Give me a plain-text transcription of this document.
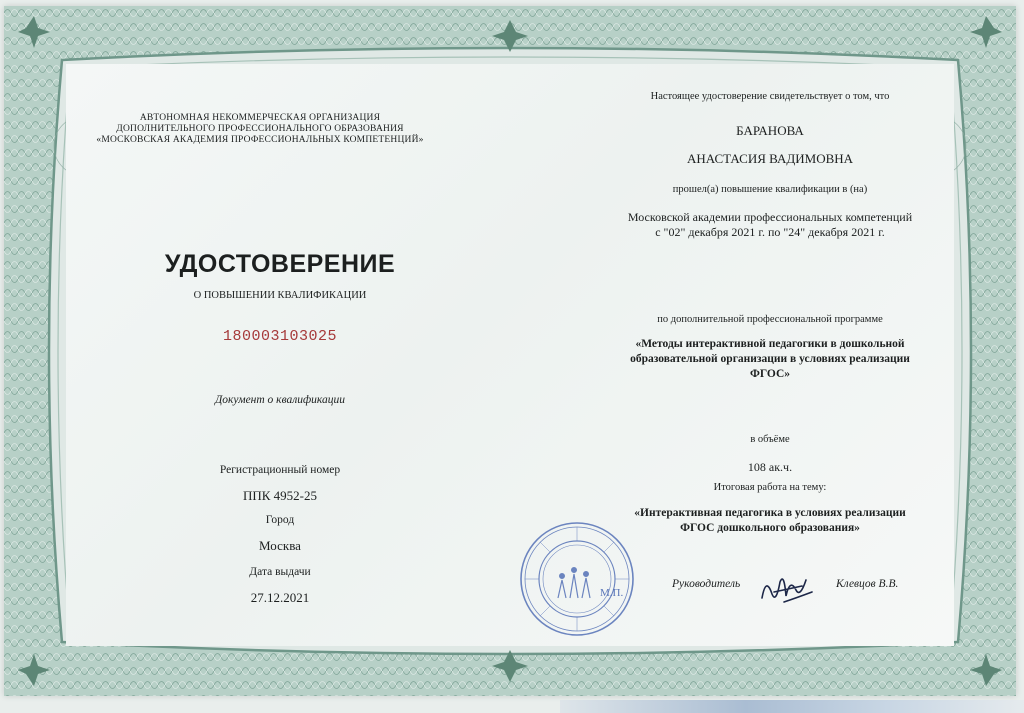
АВТОНОМНАЯ НЕКОММЕРЧЕСКАЯ ОРГАНИЗАЦИЯ
ДОПОЛНИТЕЛЬНОГО ПРОФЕССИОНАЛЬНОГО ОБРАЗОВАНИЯ
«МОСКОВСКАЯ АКАДЕМИЯ ПРОФЕССИОНАЛЬНЫХ КОМПЕТЕНЦИЙ»
УДОСТОВЕРЕНИЕ
О ПОВЫШЕНИИ КВАЛИФИКАЦИИ
180003103025
Документ о квалификации
Регистрационный номер
ППК 4952-25
Город
Москва
Дата выдачи
27.12.2021
Настоящее удостоверение свидетельствует о том, что
БАРАНОВА
АНАСТАСИЯ ВАДИМОВНА
прошел(а) повышение квалификации в (на)
Московской академии профессиональных компетенций
с "02" декабря 2021 г. по "24" декабря 2021 г.
по дополнительной профессиональной программе
«Методы интерактивной педагогики в дошкольной
образовательной организации в условиях реализации
ФГОС»
в объёме
108 ак.ч.
Итоговая работа на тему:
«Интерактивная педагогика в условиях реализации
ФГОС дошкольного образования»
Руководитель	Клевцов В.В.
М.П.
